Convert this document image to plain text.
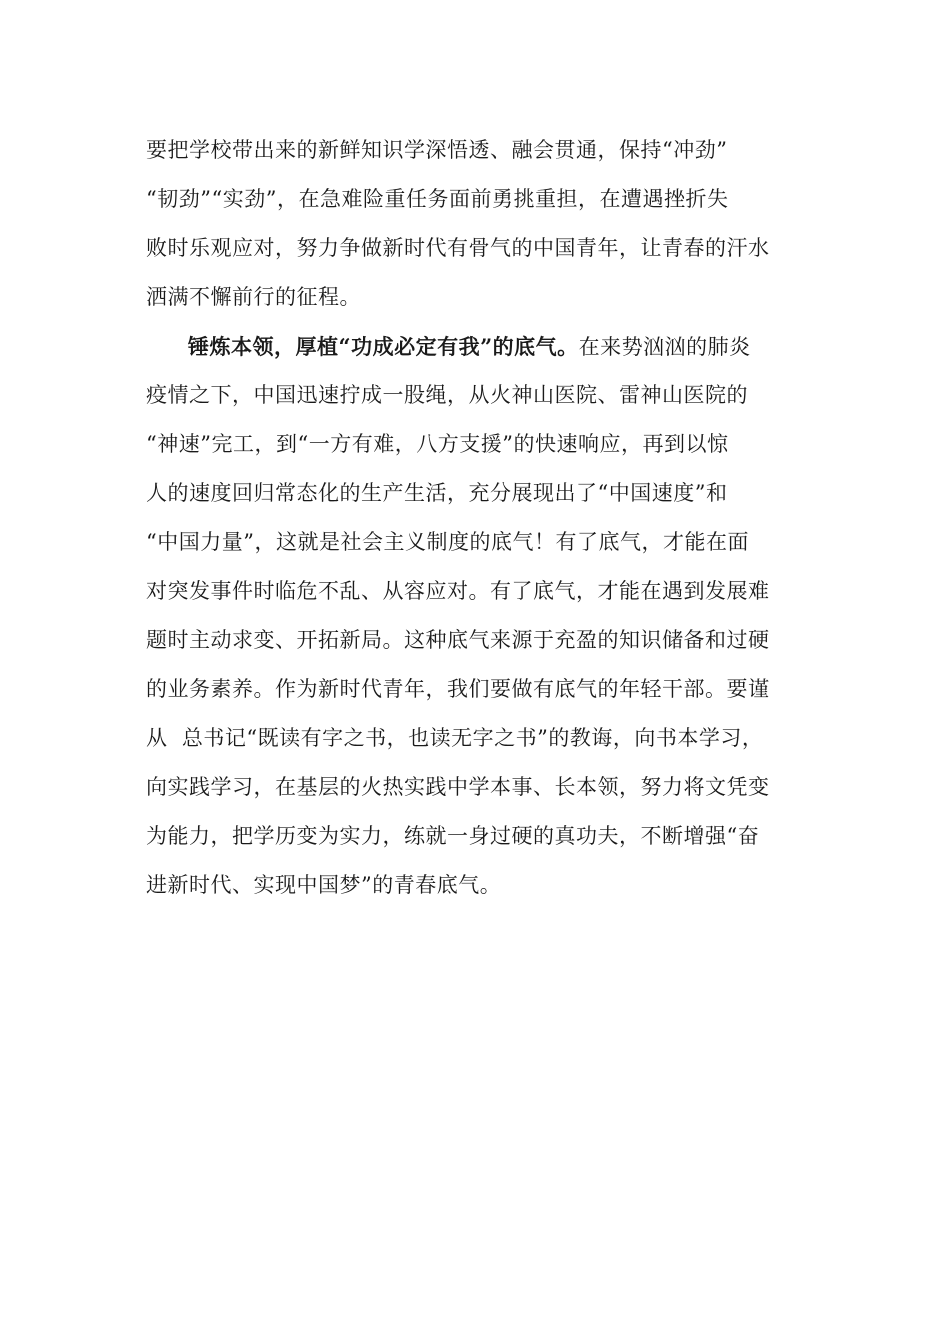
要把学校带出来的新鲜知识学深悟透、融会贯通，保持“冲劲”
“韧劲”“实劲”，在急难险重任务面前勇挑重担，在遭遇挫折失
败时乐观应对，努力争做新时代有骨气的中国青年，让青春的汗水
洒满不懈前行的征程。
锤炼本领，厚植“功成必定有我”的底气。在来势汹汹的肺炎
疫情之下，中国迅速拧成一股绳，从火神山医院、雷神山医院的
“神速”完工，到“一方有难，八方支援”的快速响应，再到以惊
人的速度回归常态化的生产生活，充分展现出了“中国速度”和
“中国力量”，这就是社会主义制度的底气！有了底气，才能在面
对突发事件时临危不乱、从容应对。有了底气，才能在遇到发展难
题时主动求变、开拓新局。这种底气来源于充盈的知识储备和过硬
的业务素养。作为新时代青年，我们要做有底气的年轻干部。要谨
从  总书记“既读有字之书，也读无字之书”的教诲，向书本学习，
向实践学习，在基层的火热实践中学本事、长本领，努力将文凭变
为能力，把学历变为实力，练就一身过硬的真功夫，不断增强“奋
进新时代、实现中国梦”的青春底气。
